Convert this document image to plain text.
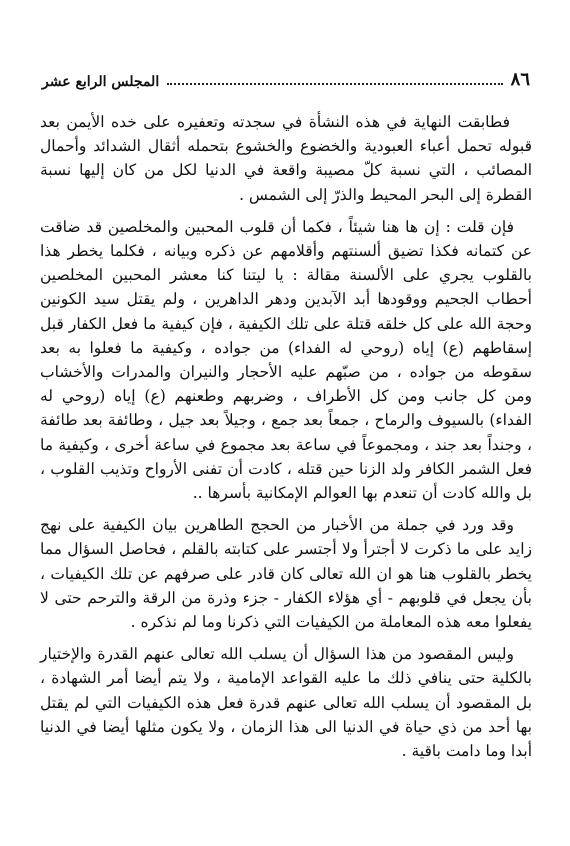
المجلس الرابع عشر	٨٦

فطابقت النهاية في هذه النشأة في سجدته وتعفيره على خده الأيمن بعد قبوله تحمل أعباء العبودية والخضوع والخشوع بتحمله أثقال الشدائد وأحمال المصائب ، التي نسبة كلّ مصيبة واقعة في الدنيا لكل من كان إليها نسبة القطرة إلى البحر المحيط والذرّ إلى الشمس .

فإن قلت : إن ها هنا شيئاً ، فكما أن قلوب المحبين والمخلصين قد ضاقت عن كتمانه فكذا تضيق ألسنتهم وأقلامهم عن ذكره وبيانه ، فكلما يخطر هذا بالقلوب يجري على الألسنة مقالة : يا ليتنا كنا معشر المحبين المخلصين أحطاب الجحيم ووقودها أبد الآبدين ودهر الداهرين ، ولم يقتل سيد الكونين وحجة الله على كل خلقه قتلة على تلك الكيفية ، فإن كيفية ما فعل الكفار قبل إسقاطهم (ع) إياه (روحي له الفداء) من جواده ، وكيفية ما فعلوا به بعد سقوطه من جواده ، من صبّهم عليه الأحجار والنيران والمدرات والأخشاب ومن كل جانب ومن كل الأطراف ، وضربهم وطعنهم (ع) إياه (روحي له الفداء) بالسيوف والرماح ، جمعاً بعد جمع ، وجيلاً بعد جيل ، وطائفة بعد طائفة ، وجنداً بعد جند ، ومجموعاً في ساعة بعد مجموع في ساعة أخرى ، وكيفية ما فعل الشمر الكافر ولد الزنا حين قتله ، كادت أن تفنى الأرواح وتذيب القلوب ، بل والله كادت أن تنعدم بها العوالم الإمكانية بأسرها ..

وقد ورد في جملة من الأخبار من الحجج الطاهرين بيان الكيفية على نهج زايد على ما ذكرت لا أجترأ ولا أجتسر على كتابته بالقلم ، فحاصل السؤال مما يخطر بالقلوب هنا هو ان الله تعالى كان قادر على صرفهم عن تلك الكيفيات ، بأن يجعل في قلوبهم - أي هؤلاء الكفار - جزء وذرة من الرقة والترحم حتى لا يفعلوا معه هذه المعاملة من الكيفيات التي ذكرنا وما لم نذكره .

وليس المقصود من هذا السؤال أن يسلب الله تعالى عنهم القدرة والإختيار بالكلية حتى ينافي ذلك ما عليه القواعد الإمامية ، ولا يتم أيضا أمر الشهادة ، بل المقصود أن يسلب الله تعالى عنهم قدرة فعل هذه الكيفيات التي لم يقتل بها أحد من ذي حياة في الدنيا الى هذا الزمان ، ولا يكون مثلها أيضا في الدنيا أبدا وما دامت باقية .
